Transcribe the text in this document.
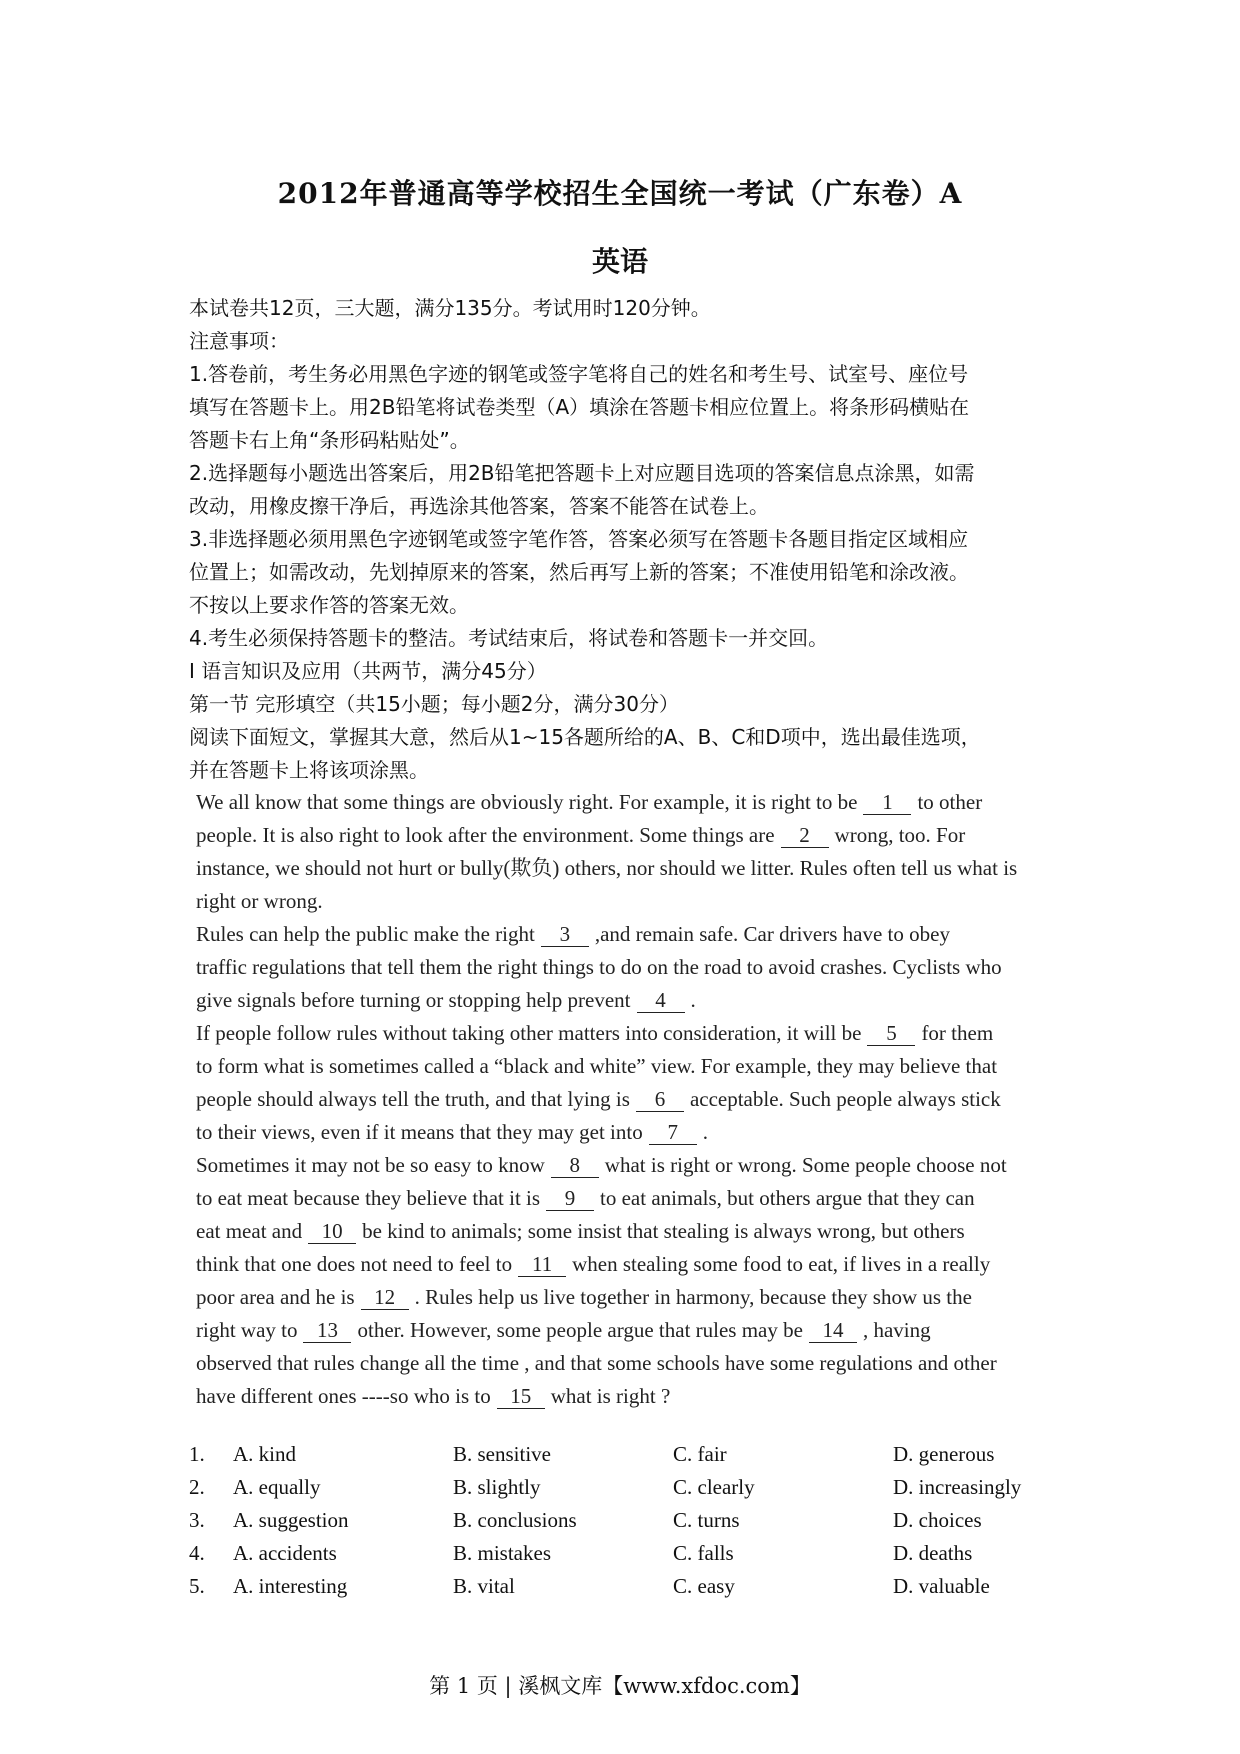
2012年普通高等学校招生全国统一考试（广东卷）A
英语

本试卷共12页，三大题，满分135分。考试用时120分钟。

注意事项：

1.答卷前，考生务必用黑色字迹的钢笔或签字笔将自己的姓名和考生号、试室号、座位号

填写在答题卡上。用2B铅笔将试卷类型（A）填涂在答题卡相应位置上。将条形码横贴在

答题卡右上角“条形码粘贴处”。

2.选择题每小题选出答案后，用2B铅笔把答题卡上对应题目选项的答案信息点涂黑，如需

改动，用橡皮擦干净后，再选涂其他答案，答案不能答在试卷上。

3.非选择题必须用黑色字迹钢笔或签字笔作答，答案必须写在答题卡各题目指定区域相应

位置上；如需改动，先划掉原来的答案，然后再写上新的答案；不准使用铅笔和涂改液。

不按以上要求作答的答案无效。

4.考生必须保持答题卡的整洁。考试结束后，将试卷和答题卡一并交回。

I 语言知识及应用（共两节，满分45分）

第一节 完形填空（共15小题；每小题2分，满分30分）

阅读下面短文，掌握其大意，然后从1~15各题所给的A、B、C和D项中，选出最佳选项，

并在答题卡上将该项涂黑。

We all know that some things are obviously right. For example, it is right to be 1 to other

people. It is also right to look after the environment. Some things are 2 wrong, too. For

instance, we should not hurt or bully(欺负) others, nor should we litter. Rules often tell us what is

right or wrong.

Rules can help the public make the right 3 ,and remain safe. Car drivers have to obey

traffic regulations that tell them the right things to do on the road to avoid crashes. Cyclists who

give signals before turning or stopping help prevent 4 .

If people follow rules without taking other matters into consideration, it will be 5 for them

to form what is sometimes called a “black and white” view. For example, they may believe that

people should always tell the truth, and that lying is 6 acceptable. Such people always stick

to their views, even if it means that they may get into 7 .

Sometimes it may not be so easy to know 8 what is right or wrong. Some people choose not

to eat meat because they believe that it is 9 to eat animals, but others argue that they can

eat meat and 10 be kind to animals; some insist that stealing is always wrong, but others

think that one does not need to feel to 11 when stealing some food to eat, if lives in a really

poor area and he is 12 . Rules help us live together in harmony, because they show us the

right way to 13 other. However, some people argue that rules may be 14 , having

observed that rules change all the time , and that some schools have some regulations and other

have different ones ----so who is to 15 what is right ?

1. A. kind	B. sensitive	C. fair	D. generous
2. A. equally	B. slightly	C. clearly	D. increasingly
3. A. suggestion	B. conclusions	C. turns	D. choices
4. A. accidents	B. mistakes	C. falls	D. deaths
5. A. interesting	B. vital	C. easy	D. valuable
第 1 页 | 溪枫文库【www.xfdoc.com】
